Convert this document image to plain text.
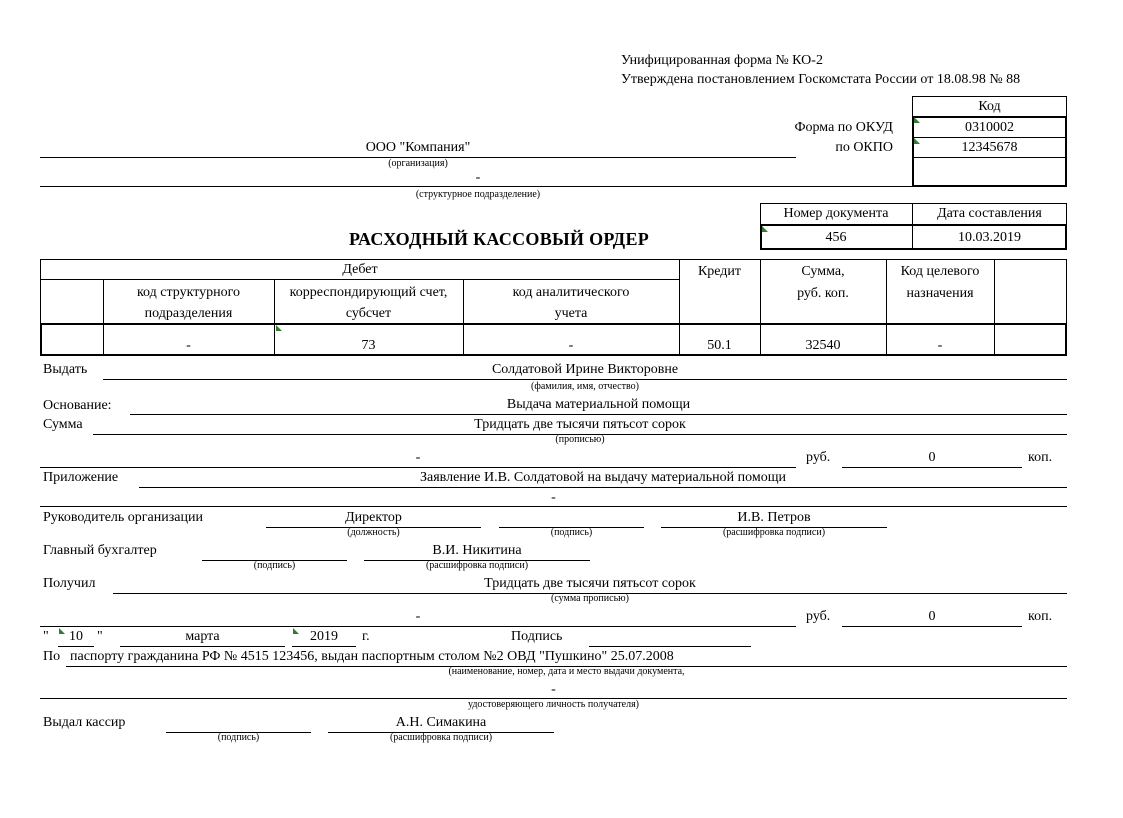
Унифицированная форма № КО-2
Утверждена постановлением Госкомстата России от 18.08.98 № 88
Код
Форма по ОКУД	0310002
по ОКПО	12345678
ООО "Компания"
(организация)
-
(структурное подразделение)
РАСХОДНЫЙ КАССОВЫЙ ОРДЕР
Номер документа	Дата составления
456	10.03.2019
Дебет
код структурного
подразделения
корреспондирующий счет,
субсчет
код аналитического
учета
Кредит	Сумма,
руб. коп.
Код целевого
назначения
-	73	-	50.1	32540	-
Выдать	Солдатовой Ирине Викторовне
(фамилия, имя, отчество)
Основание:	Выдача материальной помощи
Сумма	Тридцать две тысячи пятьсот сорок
(прописью)
-	руб.	0	коп.
Приложение	Заявление И.В. Солдатовой на выдачу материальной помощи
-
Руководитель организации	Директор
(должность)	(подпись)
И.В. Петров
(расшифровка подписи)
Главный бухгалтер
(подпись)
В.И. Никитина
(расшифровка подписи)
Получил	Тридцать две тысячи пятьсот сорок
(сумма прописью)
-	руб.	0	коп.
"	10	"	марта	2019	г.	Подпись
По паспорту гражданина РФ № 4515 123456, выдан паспортным столом №2 ОВД "Пушкино" 25.07.2008
(наименование, номер, дата и место выдачи документа,
-
удостоверяющего личность получателя)
Выдал кассир
(подпись)
А.Н. Симакина
(расшифровка подписи)
